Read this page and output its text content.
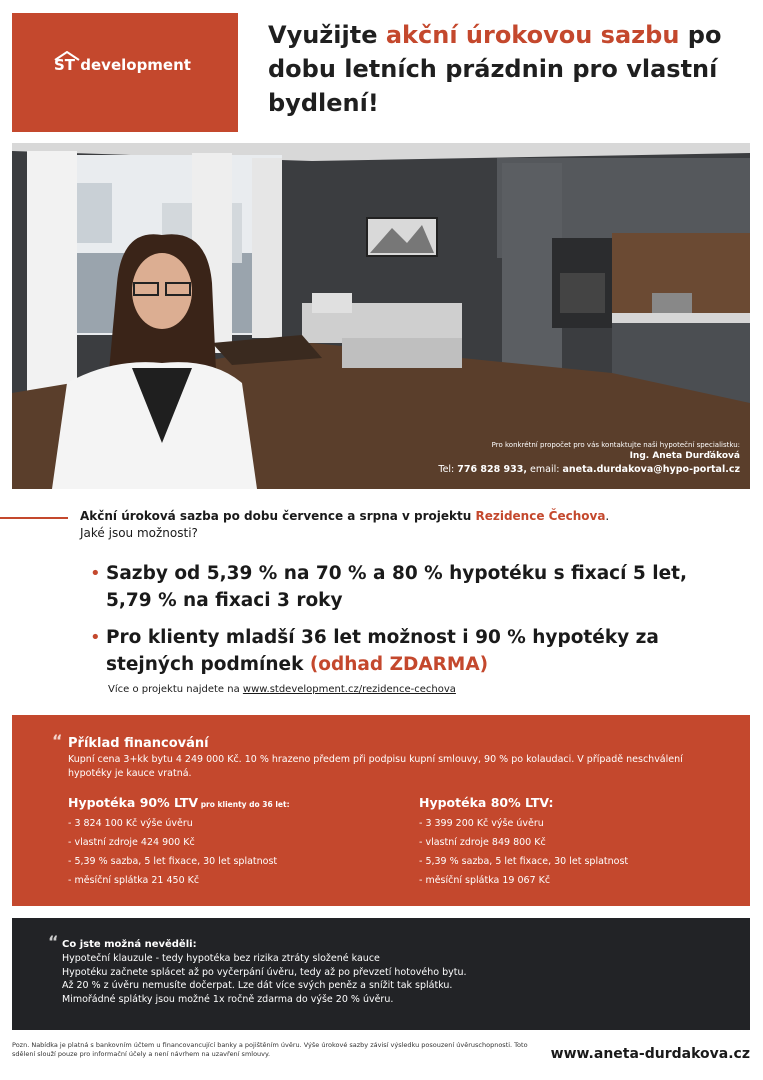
ST development
Využijte akční úrokovou sazbu po dobu letních prázdnin pro vlastní bydlení!
Pro konkrétní propočet pro vás kontaktujte naši hypoteční specialistku:
Ing. Aneta Durďáková
Tel: 776 828 933, email: aneta.durdakova@hypo-portal.cz
Akční úroková sazba po dobu července a srpna v projektu Rezidence Čechova.
Jaké jsou možnosti?
• Sazby od 5,39 % na 70 % a 80 % hypotéku s fixací 5 let, 5,79 % na fixaci 3 roky
• Pro klienty mladší 36 let možnost i 90 % hypotéky za stejných podmínek (odhad ZDARMA)
Více o projektu najdete na www.stdevelopment.cz/rezidence-cechova
“ Příklad financování
Kupní cena 3+kk bytu 4 249 000 Kč. 10 % hrazeno předem při podpisu kupní smlouvy, 90 % po kolaudaci. V případě neschválení hypotéky je kauce vratná.
Hypotéka 90% LTV pro klienty do 36 let:
- 3 824 100 Kč výše úvěru
- vlastní zdroje 424 900 Kč
- 5,39 % sazba, 5 let fixace, 30 let splatnost
- měsíční splátka 21 450 Kč
Hypotéka 80% LTV:
- 3 399 200 Kč výše úvěru
- vlastní zdroje 849 800 Kč
- 5,39 % sazba, 5 let fixace, 30 let splatnost
- měsíční splátka 19 067 Kč
“ Co jste možná nevěděli:
Hypoteční klauzule - tedy hypotéka bez rizika ztráty složené kauce
Hypotéku začnete splácet až po vyčerpání úvěru, tedy až po převzetí hotového bytu.
Až 20 % z úvěru nemusíte dočerpat. Lze dát více svých peněz a snížit tak splátku.
Mimořádné splátky jsou možné 1x ročně zdarma do výše 20 % úvěru.
Pozn. Nabídka je platná s bankovním účtem u financovancující banky a pojištěním úvěru. Výše úrokové sazby závisí výsledku posouzení úvěruschopnosti. Toto sdělení slouží pouze pro informační účely a není návrhem na uzavření smlouvy.	www.aneta-durdakova.cz
